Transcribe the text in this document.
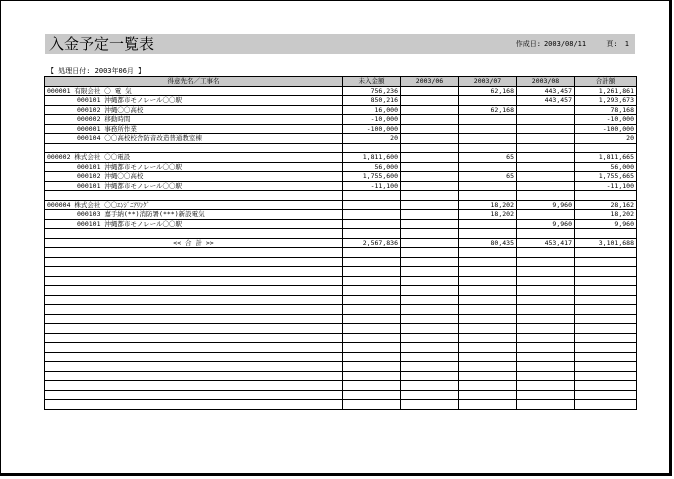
入金予定一覧表	作成日: 2003/08/11	頁: 1
【 処理日付: 2003年06月 】
得意先名／工事名	未入金額	2003/06	2003/07	2003/08	合計額
000001 有限会社 〇 電 気	756,236		62,168	443,457	1,261,861
000101 沖縄都市モノレール〇〇駅	850,216			443,457	1,293,673
000102 沖縄〇〇高校	16,000		62,168		78,168
000002 移動時間	-10,000				-10,000
000001 事務所作業	-100,000				-100,000
000104 〇〇高校校舎防音改造普通教室棟	20				20

000002 株式会社 〇〇電設	1,811,600		65		1,811,665
000101 沖縄都市モノレール〇〇駅	56,000				56,000
000102 沖縄〇〇高校	1,755,600		65		1,755,665
000101 沖縄都市モノレール〇〇駅	-11,100				-11,100

000004 株式会社 〇〇ｴﾝｼﾞﾆｱﾘﾝｸﾞ			18,202	9,960	28,162
000103 嘉手納(**)消防署(***)新設電気			18,202		18,202
000101 沖縄都市モノレール〇〇駅				9,960	9,960

<< 合 計 >>	2,567,836		80,435	453,417	3,101,688
